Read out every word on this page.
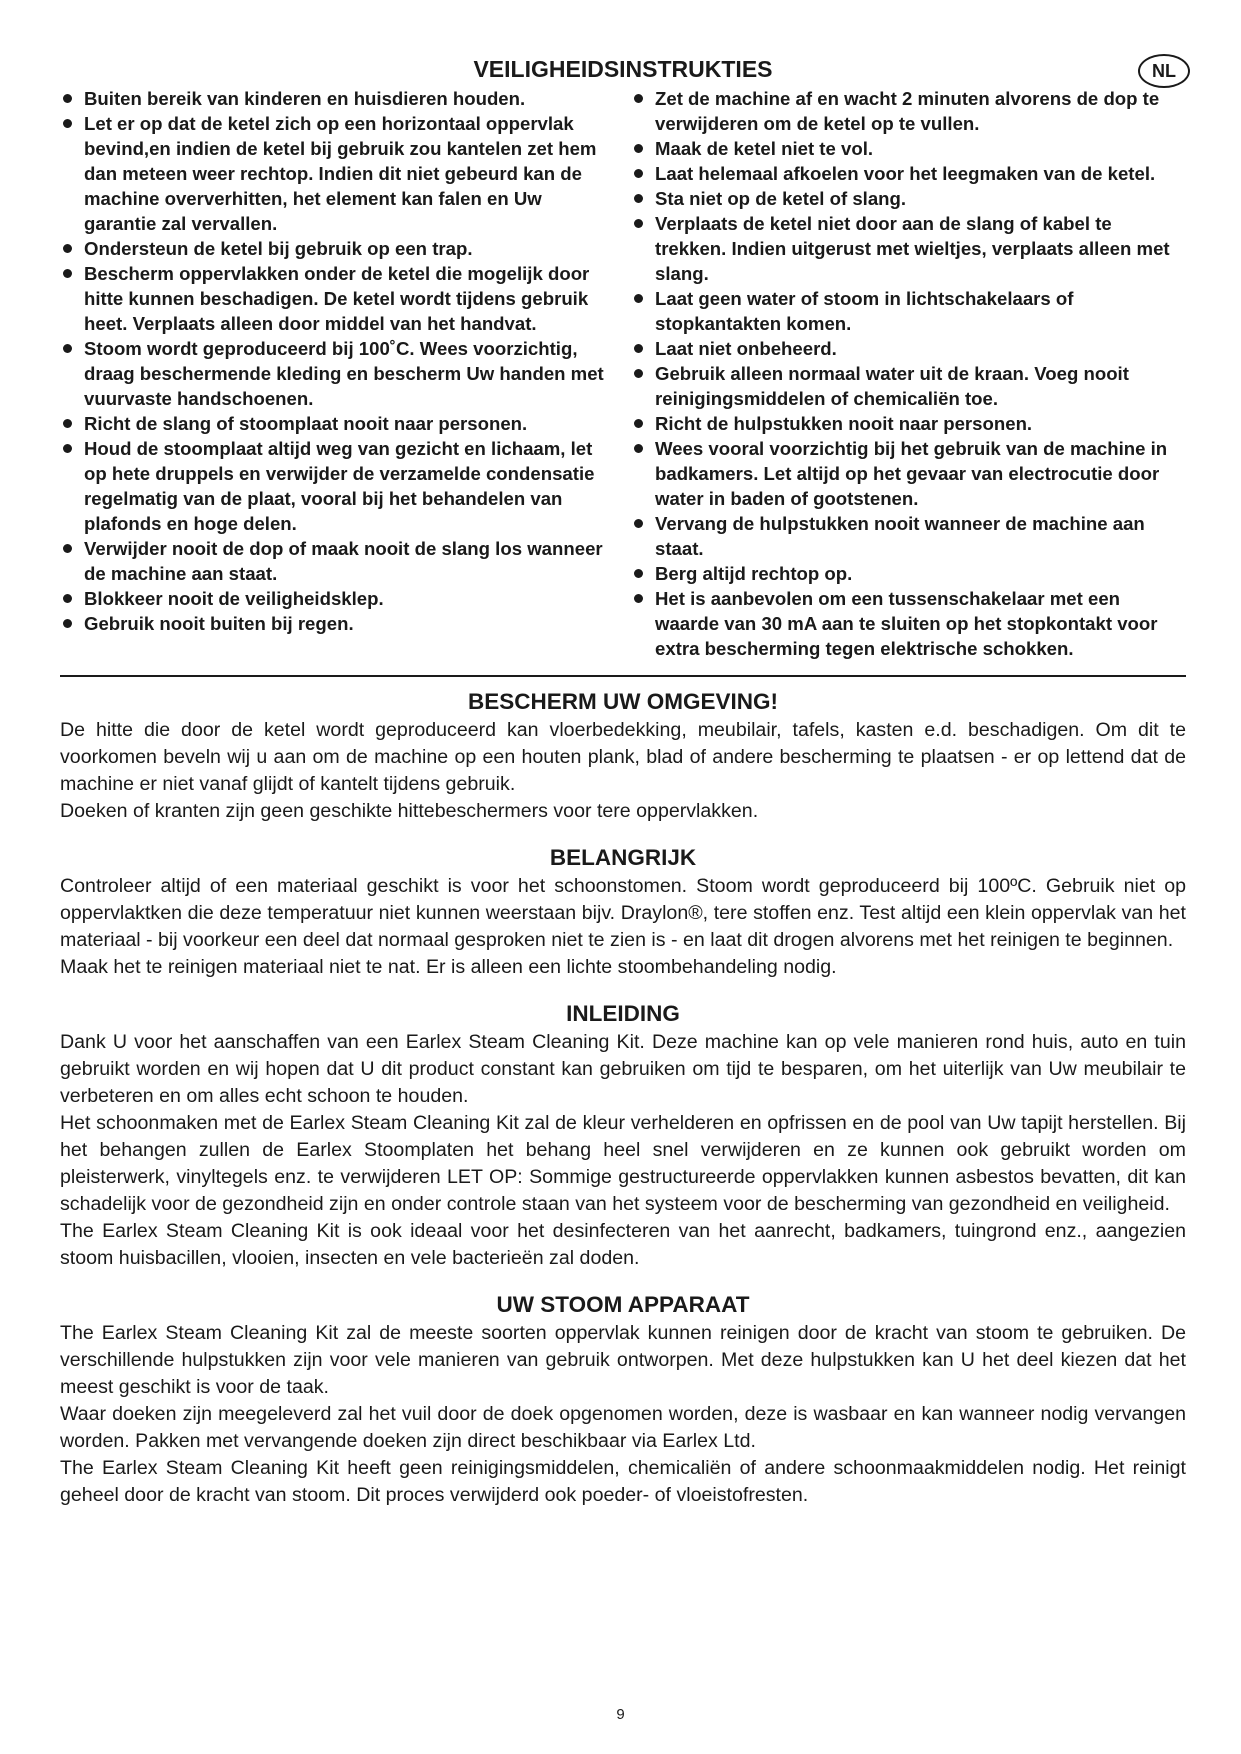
VEILIGHEIDSINSTRUKTIES	NL
Buiten bereik van kinderen en huisdieren houden.
Let er op dat de ketel zich op een horizontaal oppervlak bevind,en indien de ketel bij gebruik zou kantelen zet hem dan meteen weer rechtop. Indien dit niet gebeurd kan de machine oververhitten, het element kan falen en Uw garantie zal vervallen.
Ondersteun de ketel bij gebruik op een trap.
Bescherm oppervlakken onder de ketel die mogelijk door hitte kunnen beschadigen. De ketel wordt tijdens gebruik heet. Verplaats alleen door middel van het handvat.
Stoom wordt geproduceerd bij 100˚C. Wees voorzichtig, draag beschermende kleding en bescherm Uw handen met vuurvaste handschoenen.
Richt de slang of stoomplaat nooit naar personen.
Houd de stoomplaat altijd weg van gezicht en lichaam, let op hete druppels en verwijder de verzamelde condensatie regelmatig van de plaat, vooral bij het behandelen van plafonds en hoge delen.
Verwijder nooit de dop of maak nooit de slang los wanneer de machine aan staat.
Blokkeer nooit de veiligheidsklep.
Gebruik nooit buiten bij regen.
Zet de machine af en wacht 2 minuten alvorens de dop te verwijderen om de ketel op te vullen.
Maak de ketel niet te vol.
Laat helemaal afkoelen voor het leegmaken van de ketel.
Sta niet op de ketel of slang.
Verplaats de ketel niet door aan de slang of kabel te trekken. Indien uitgerust met wieltjes, verplaats alleen met slang.
Laat geen water of stoom in lichtschakelaars of stopkantakten komen.
Laat niet onbeheerd.
Gebruik alleen normaal water uit de kraan. Voeg nooit reinigingsmiddelen of chemicaliën toe.
Richt de hulpstukken nooit naar personen.
Wees vooral voorzichtig bij het gebruik van de machine in badkamers. Let altijd op het gevaar van electrocutie door water in baden of gootstenen.
Vervang de hulpstukken nooit wanneer de machine aan staat.
Berg altijd rechtop op.
Het is aanbevolen om een tussenschakelaar met een waarde van 30 mA aan te sluiten op het stopkontakt voor extra bescherming tegen elektrische schokken.
BESCHERM UW OMGEVING!

De hitte die door de ketel wordt geproduceerd kan vloerbedekking, meubilair, tafels, kasten e.d. beschadigen. Om dit te voorkomen beveln wij u aan om de machine op een houten plank, blad of andere bescherming te plaatsen - er op lettend dat de machine er niet vanaf glijdt of kantelt tijdens gebruik.

Doeken of kranten zijn geen geschikte hittebeschermers voor tere oppervlakken.

BELANGRIJK

Controleer altijd of een materiaal geschikt is voor het schoonstomen. Stoom wordt geproduceerd bij 100ºC. Gebruik niet op oppervlaktken die deze temperatuur niet kunnen weerstaan bijv. Draylon®, tere stoffen enz. Test altijd een klein oppervlak van het materiaal - bij voorkeur een deel dat normaal gesproken niet te zien is - en laat dit drogen alvorens met het reinigen te beginnen.

Maak het te reinigen materiaal niet te nat. Er is alleen een lichte stoombehandeling nodig.

INLEIDING

Dank U voor het aanschaffen van een Earlex Steam Cleaning Kit. Deze machine kan op vele manieren rond huis, auto en tuin gebruikt worden en wij hopen dat U dit product constant kan gebruiken om tijd te besparen, om het uiterlijk van Uw meubilair te verbeteren en om alles echt schoon te houden.

Het schoonmaken met de Earlex Steam Cleaning Kit zal de kleur verhelderen en opfrissen en de pool van Uw tapijt herstellen. Bij het behangen zullen de Earlex Stoomplaten het behang heel snel verwijderen en ze kunnen ook gebruikt worden om pleisterwerk, vinyltegels enz. te verwijderen LET OP: Sommige gestructureerde oppervlakken kunnen asbestos bevatten, dit kan schadelijk voor de gezondheid zijn en onder controle staan van het systeem voor de bescherming van gezondheid en veiligheid.

The Earlex Steam Cleaning Kit is ook ideaal voor het desinfecteren van het aanrecht, badkamers, tuingrond enz., aangezien stoom huisbacillen, vlooien, insecten en vele bacterieën zal doden.

UW STOOM APPARAAT

The Earlex Steam Cleaning Kit zal de meeste soorten oppervlak kunnen reinigen door de kracht van stoom te gebruiken. De verschillende hulpstukken zijn voor vele manieren van gebruik ontworpen. Met deze hulpstukken kan U het deel kiezen dat het meest geschikt is voor de taak.

Waar doeken zijn meegeleverd zal het vuil door de doek opgenomen worden, deze is wasbaar en kan wanneer nodig vervangen worden. Pakken met vervangende doeken zijn direct beschikbaar via Earlex Ltd.

The Earlex Steam Cleaning Kit heeft geen reinigingsmiddelen, chemicaliën of andere schoonmaakmiddelen nodig. Het reinigt geheel door de kracht van stoom. Dit proces verwijderd ook poeder- of vloeistofresten.

9
